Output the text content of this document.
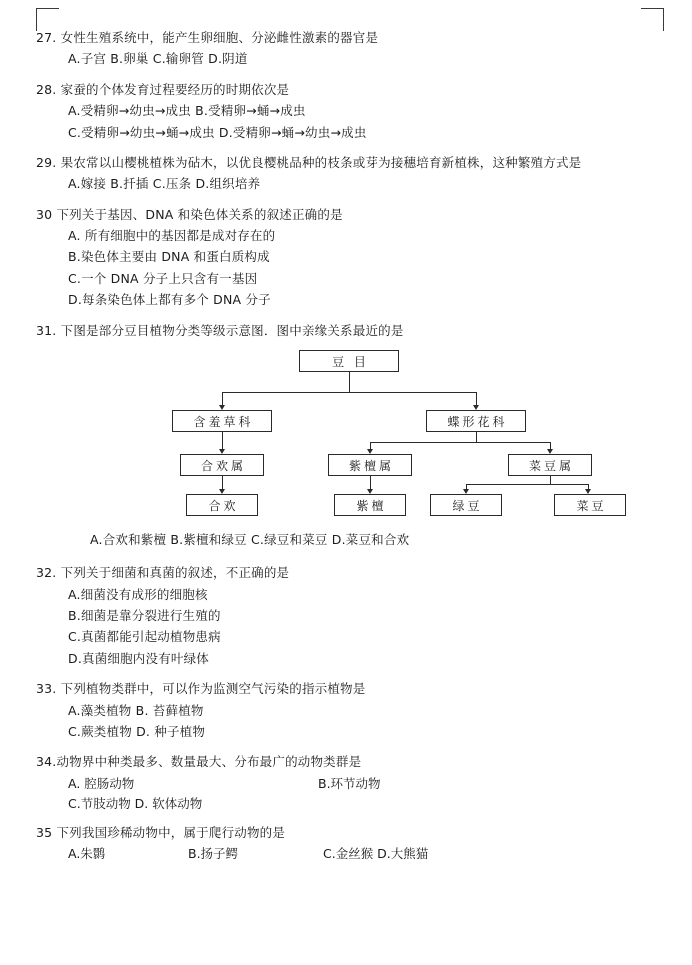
27. 女性生殖系统中，能产生卵细胞、分泌雌性激素的器官是

A.子宫 B.卵巢 C.输卵管 D.阴道

28. 家蚕的个体发育过程要经历的时期依次是

A.受精卵→幼虫→成虫 B.受精卵→蛹→成虫

C.受精卵→幼虫→蛹→成虫 D.受精卵→蛹→幼虫→成虫

29. 果农常以山樱桃植株为砧木，以优良樱桃品种的枝条或芽为接穗培育新植株，这种繁殖方式是

A.嫁接 B.扦插 C.压条 D.组织培养

30 下列关于基因、DNA 和染色体关系的叙述正确的是

A. 所有细胞中的基因都是成对存在的

B.染色体主要由 DNA 和蛋白质构成

C.一个 DNA 分子上只含有一基因

D.每条染色体上都有多个 DNA 分子

31. 下图是部分豆目植物分类等级示意图．图中亲缘关系最近的是

豆 目
含羞草科	蝶形花科
合欢属	紫檀属	菜豆属
合欢	紫檀	绿豆	菜豆

A.合欢和紫檀 B.紫檀和绿豆 C.绿豆和菜豆 D.菜豆和合欢

32. 下列关于细菌和真菌的叙述，不正确的是

A.细菌没有成形的细胞核

B.细菌是靠分裂进行生殖的

C.真菌都能引起动植物患病

D.真菌细胞内没有叶绿体

33. 下列植物类群中，可以作为监测空气污染的指示植物是

A.藻类植物 B. 苔藓植物

C.蕨类植物 D. 种子植物

34.动物界中种类最多、数量最大、分布最广的动物类群是

A. 腔肠动物	B.环节动物
C.节肢动物 D. 软体动物

35 下列我国珍稀动物中，属于爬行动物的是

A.朱鹮	B.扬子鳄	C.金丝猴 D.大熊猫
